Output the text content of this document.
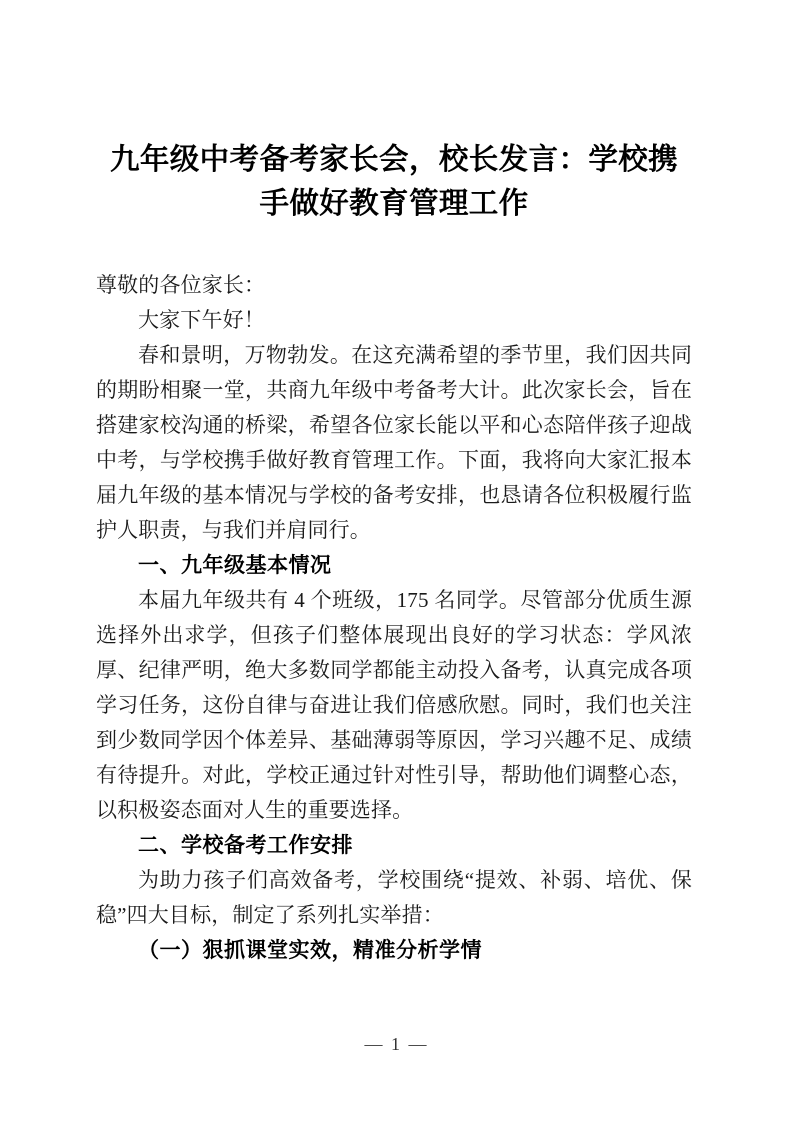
九年级中考备考家长会，校长发言：学校携手做好教育管理工作

尊敬的各位家长：

大家下午好！

春和景明，万物勃发。在这充满希望的季节里，我们因共同的期盼相聚一堂，共商九年级中考备考大计。此次家长会，旨在搭建家校沟通的桥梁，希望各位家长能以平和心态陪伴孩子迎战中考，与学校携手做好教育管理工作。下面，我将向大家汇报本届九年级的基本情况与学校的备考安排，也恳请各位积极履行监护人职责，与我们并肩同行。

一、九年级基本情况

本届九年级共有 4 个班级，175 名同学。尽管部分优质生源选择外出求学，但孩子们整体展现出良好的学习状态：学风浓厚、纪律严明，绝大多数同学都能主动投入备考，认真完成各项学习任务，这份自律与奋进让我们倍感欣慰。同时，我们也关注到少数同学因个体差异、基础薄弱等原因，学习兴趣不足、成绩有待提升。对此，学校正通过针对性引导，帮助他们调整心态，以积极姿态面对人生的重要选择。

二、学校备考工作安排

为助力孩子们高效备考，学校围绕“提效、补弱、培优、保稳”四大目标，制定了系列扎实举措：

（一）狠抓课堂实效，精准分析学情

— 1 —
